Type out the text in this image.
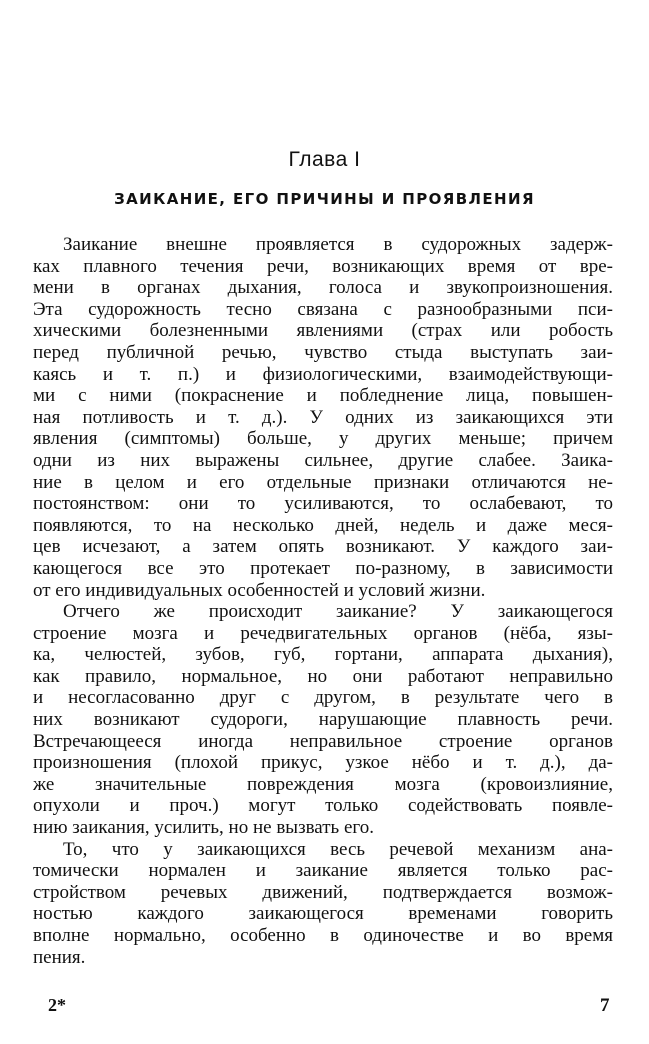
Глава I
ЗАИКАНИЕ, ЕГО ПРИЧИНЫ И ПРОЯВЛЕНИЯ
Заикание внешне проявляется в судорожных задерж-
ках плавного течения речи, возникающих время от вре-
мени в органах дыхания, голоса и звукопроизношения.
Эта судорожность тесно связана с разнообразными пси-
хическими болезненными явлениями (страх или робость
перед публичной речью, чувство стыда выступать заи-
каясь и т. п.) и физиологическими, взаимодействующи-
ми с ними (покраснение и побледнение лица, повышен-
ная потливость и т. д.). У одних из заикающихся эти
явления (симптомы) больше, у других меньше; причем
одни из них выражены сильнее, другие слабее. Заика-
ние в целом и его отдельные признаки отличаются не-
постоянством: они то усиливаются, то ослабевают, то
появляются, то на несколько дней, недель и даже меся-
цев исчезают, а затем опять возникают. У каждого заи-
кающегося все это протекает по-разному, в зависимости
от его индивидуальных особенностей и условий жизни.
Отчего же происходит заикание? У заикающегося
строение мозга и речедвигательных органов (нёба, язы-
ка, челюстей, зубов, губ, гортани, аппарата дыхания),
как правило, нормальное, но они работают неправильно
и несогласованно друг с другом, в результате чего в
них возникают судороги, нарушающие плавность речи.
Встречающееся иногда неправильное строение органов
произношения (плохой прикус, узкое нёбо и т. д.), да-
же значительные повреждения мозга (кровоизлияние,
опухоли и проч.) могут только содействовать появле-
нию заикания, усилить, но не вызвать его.
То, что у заикающихся весь речевой механизм ана-
томически нормален и заикание является только рас-
стройством речевых движений, подтверждается возмож-
ностью каждого заикающегося временами говорить
вполне нормально, особенно в одиночестве и во время
пения.
2*	7
